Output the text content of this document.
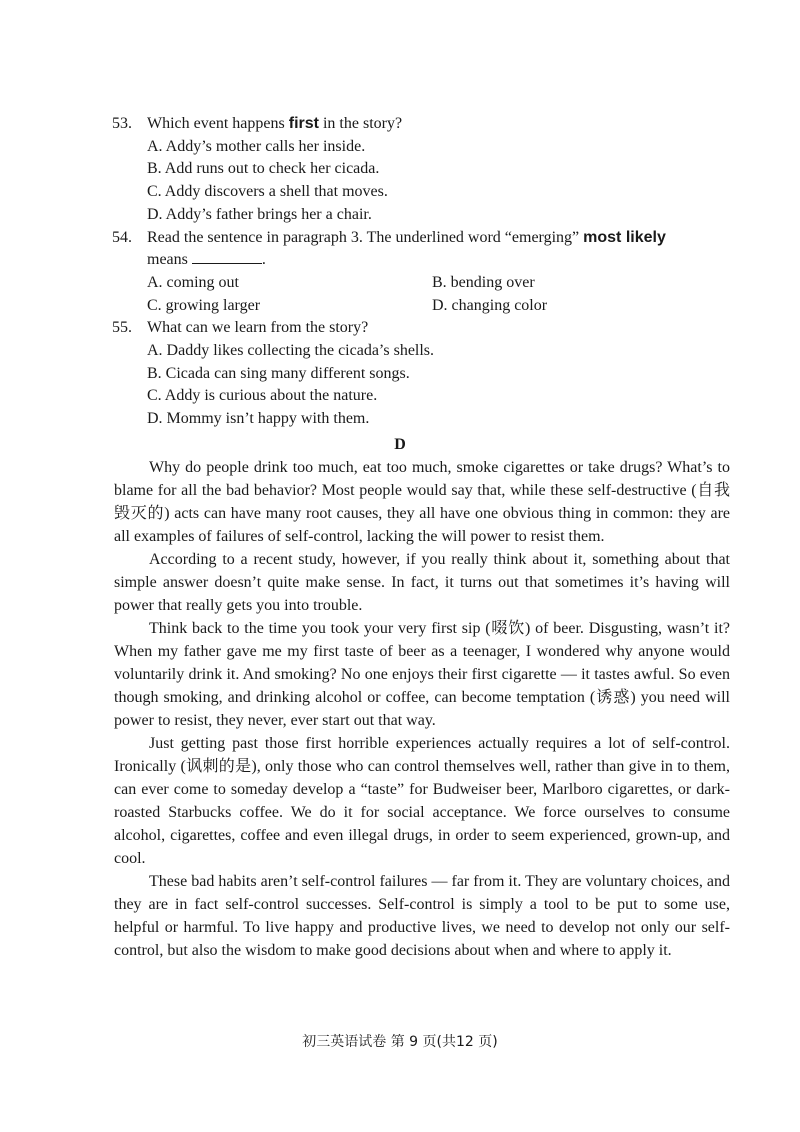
53. Which event happens first in the story?
A. Addy’s mother calls her inside.
B. Add runs out to check her cicada.
C. Addy discovers a shell that moves.
D. Addy’s father brings her a chair.
54. Read the sentence in paragraph 3. The underlined word “emerging” most likely
means	.
A. coming out	B. bending over
C. growing larger	D. changing color
55. What can we learn from the story?
A. Daddy likes collecting the cicada’s shells.
B. Cicada can sing many different songs.
C. Addy is curious about the nature.
D. Mommy isn’t happy with them.
D

Why do people drink too much, eat too much, smoke cigarettes or take drugs? What’s to blame for all the bad behavior? Most people would say that, while these self-destructive (自我毁灭的) acts can have many root causes, they all have one obvious thing in common: they are all examples of failures of self-control, lacking the will power to resist them.

According to a recent study, however, if you really think about it, something about that simple answer doesn’t quite make sense. In fact, it turns out that sometimes it’s having will power that really gets you into trouble.

Think back to the time you took your very first sip (啜饮) of beer. Disgusting, wasn’t it? When my father gave me my first taste of beer as a teenager, I wondered why anyone would voluntarily drink it. And smoking? No one enjoys their first cigarette — it tastes awful. So even though smoking, and drinking alcohol or coffee, can become temptation (诱惑) you need will power to resist, they never, ever start out that way.

Just getting past those first horrible experiences actually requires a lot of self-control. Ironically (讽刺的是), only those who can control themselves well, rather than give in to them, can ever come to someday develop a “taste” for Budweiser beer, Marlboro cigarettes, or dark-roasted Starbucks coffee. We do it for social acceptance. We force ourselves to consume alcohol, cigarettes, coffee and even illegal drugs, in order to seem experienced, grown-up, and cool.

These bad habits aren’t self-control failures — far from it. They are voluntary choices, and they are in fact self-control successes. Self-control is simply a tool to be put to some use, helpful or harmful. To live happy and productive lives, we need to develop not only our self-control, but also the wisdom to make good decisions about when and where to apply it.

初三英语试卷 第 9 页(共12 页)
